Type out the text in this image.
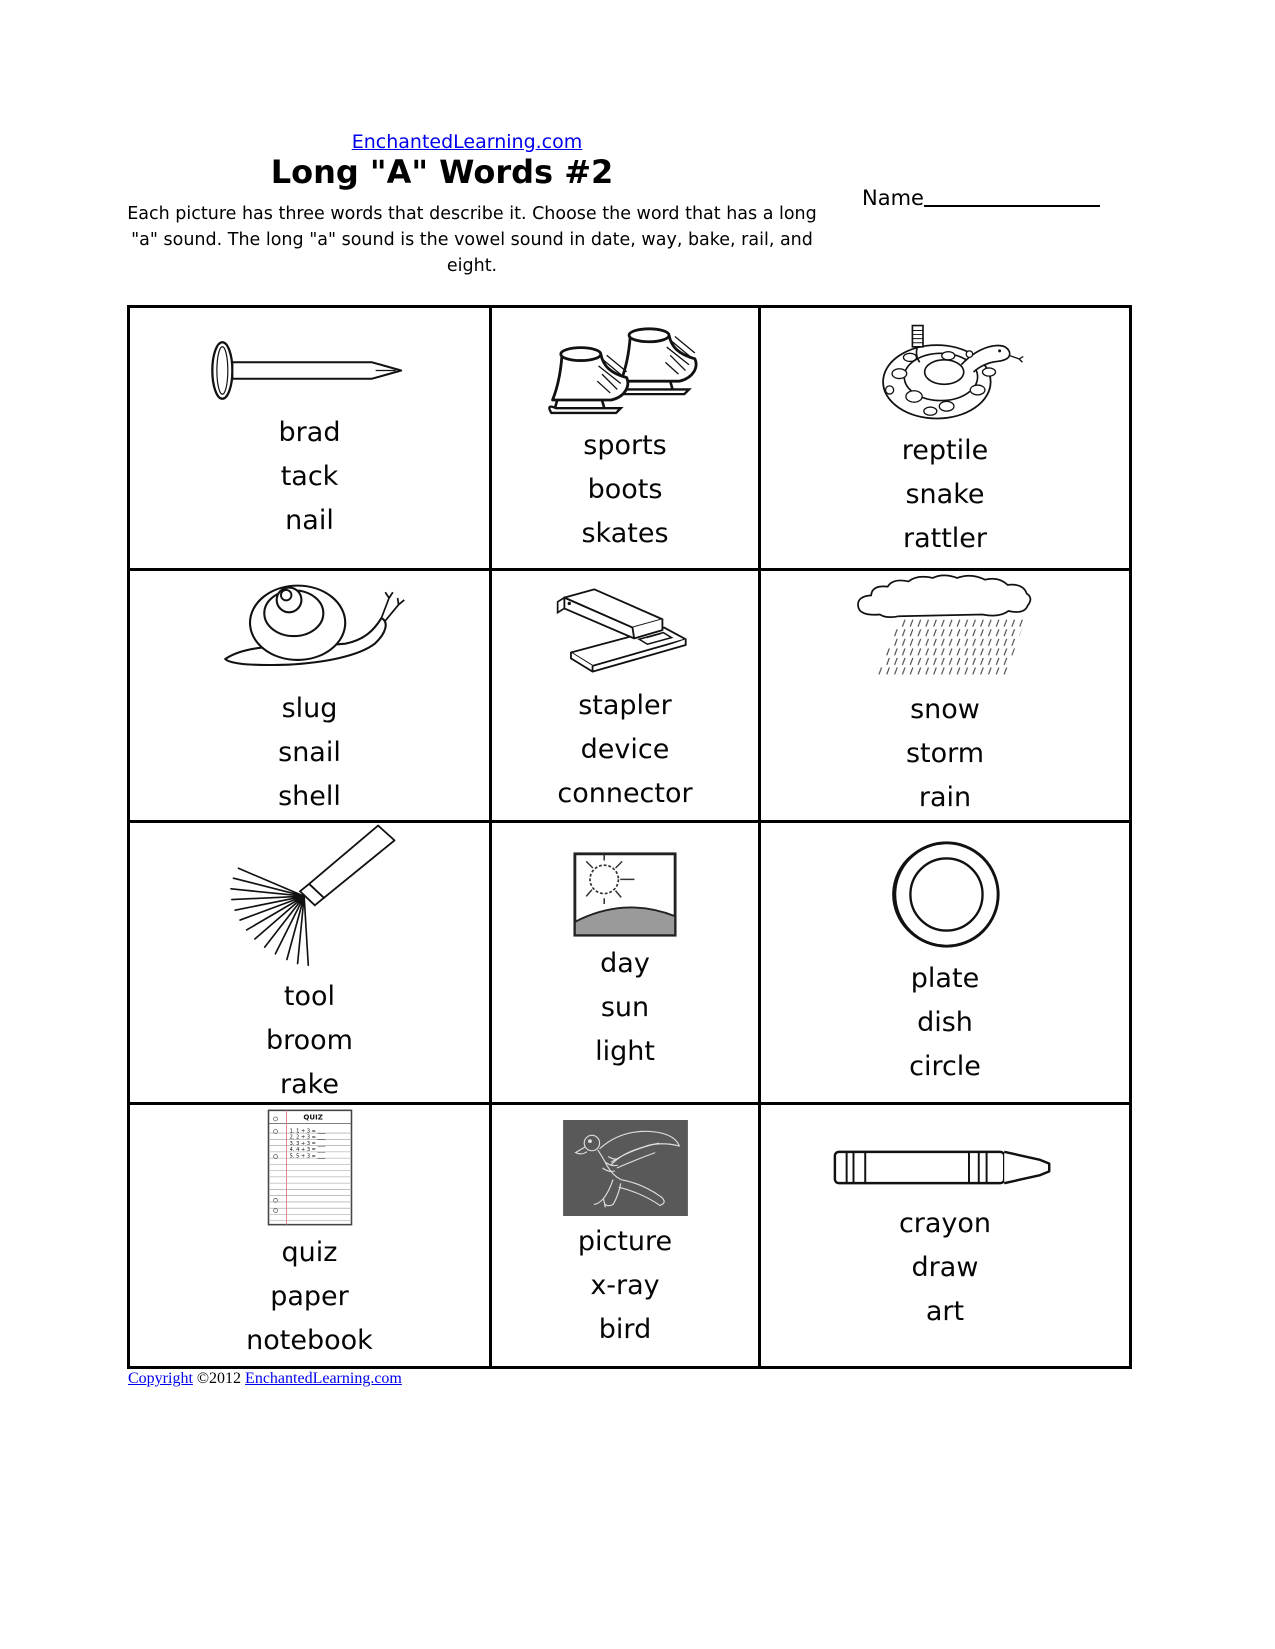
EnchantedLearning.com
Long "A" Words #2
Name

Each picture has three words that describe it. Choose the word that has a long
"a" sound. The long "a" sound is the vowel sound in date, way, bake, rail, and eight.

brad
tack
nail
sports
boots
skates
reptile
snake
rattler
slug
snail
shell
stapler
device
connector
snow
storm
rain
tool
broom
rake
day
sun
light
plate
dish
circle
QUIZ
1. 1 + 3 = ___
2. 2 + 3 = ___
3. 3 + 3 = ___
4. 4 + 3 = ___
5. 5 + 3 = ___
quiz
paper
notebook
picture
x-ray
bird
crayon
draw
art
Copyright ©2012 EnchantedLearning.com
